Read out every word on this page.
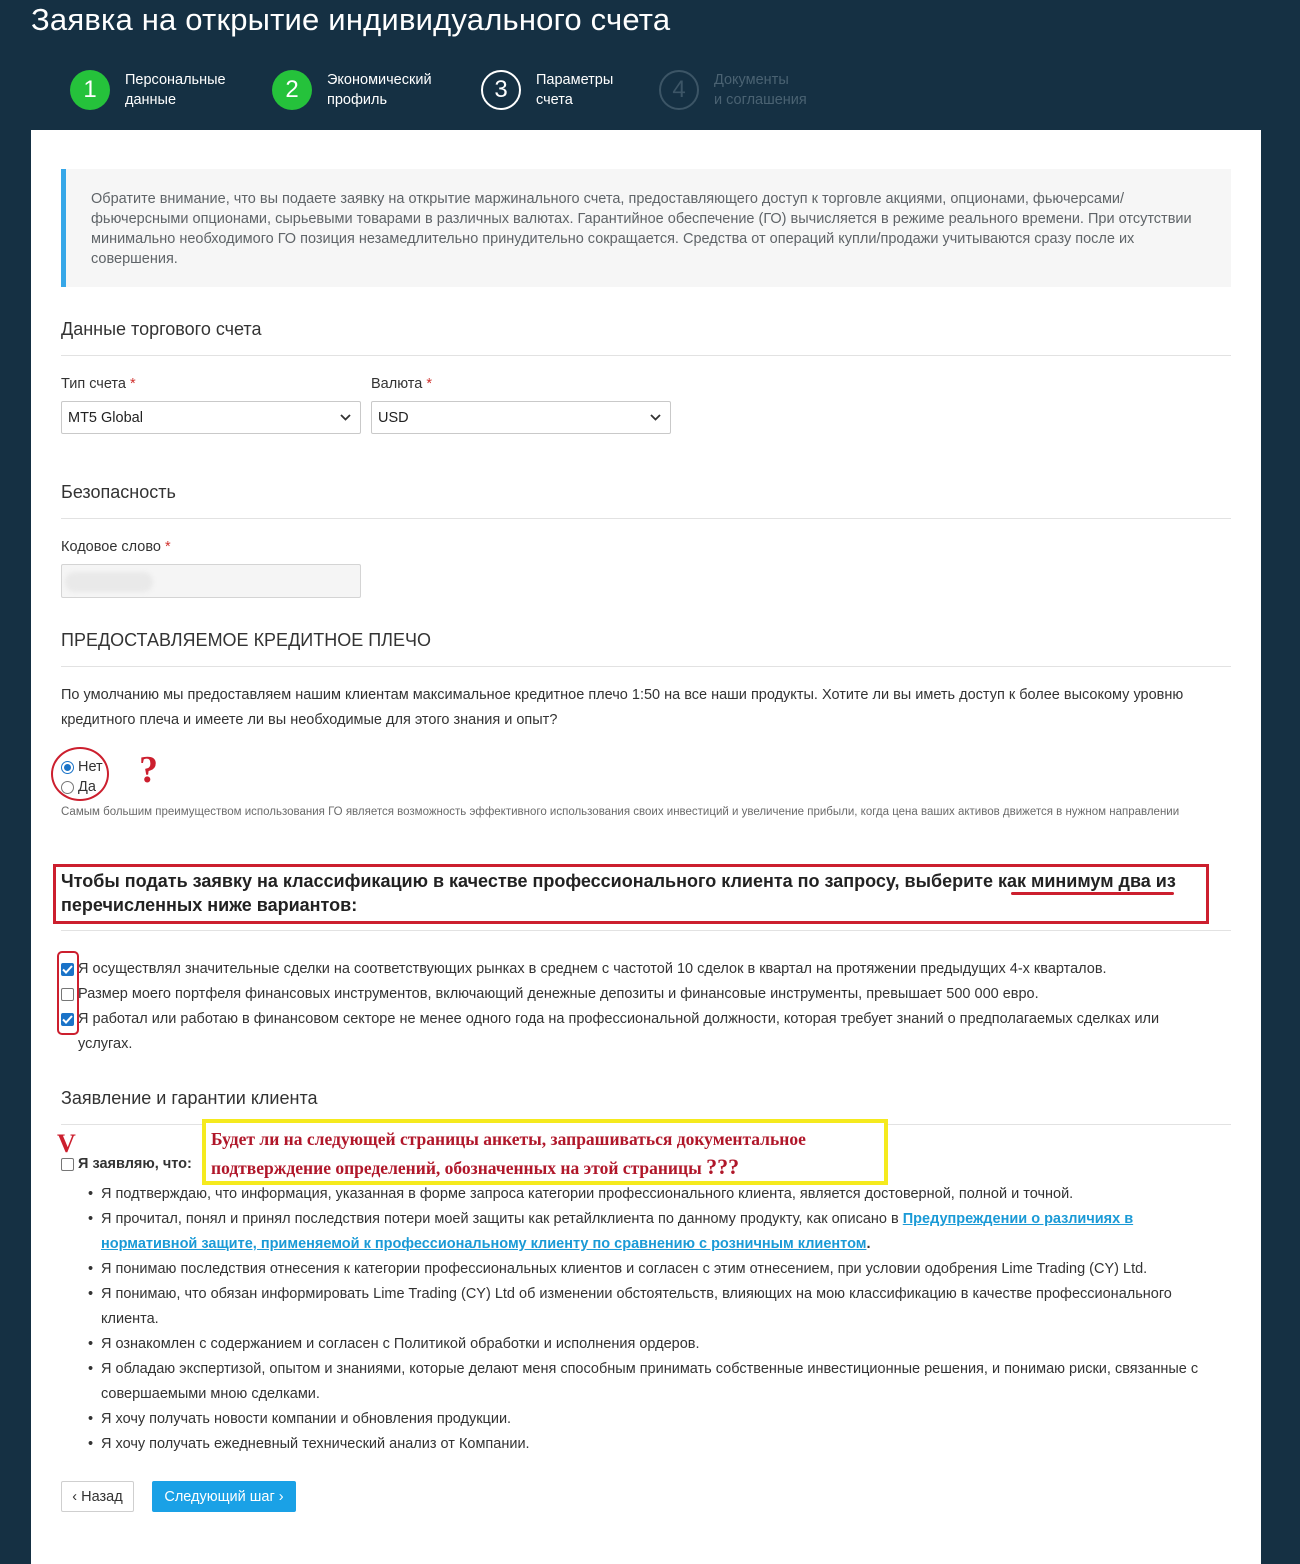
Заявка на открытие индивидуального счета
1	Персональные
данные	2	Экономический
профиль	3	Параметры
счета	4	Документы
и соглашения
Обратите внимание, что вы подаете заявку на открытие маржинального счета, предоставляющего доступ к торговле акциями, опционами, фьючерсами/фьючерсными опционами, сырьевыми товарами в различных валютах. Гарантийное обеспечение (ГО) вычисляется в режиме реального времени. При отсутствии минимально необходимого ГО позиция незамедлительно принудительно сокращается. Средства от операций купли/продажи учитываются сразу после их совершения.
Данные торгового счета
Тип счета *
MT5 Global
Валюта *
USD
Безопасность
Кодовое слово *
ПРЕДОСТАВЛЯЕМОЕ КРЕДИТНОЕ ПЛЕЧО
По умолчанию мы предоставляем нашим клиентам максимальное кредитное плечо 1:50 на все наши продукты. Хотите ли вы иметь доступ к более высокому уровню кредитного плеча и имеете ли вы необходимые для этого знания и опыт?
Нет
Да
Самым большим преимуществом использования ГО является возможность эффективного использования своих инвестиций и увеличение прибыли, когда цена ваших активов движется в нужном направлении
Чтобы подать заявку на классификацию в качестве профессионального клиента по запросу, выберите как минимум два из перечисленных ниже вариантов:
Я осуществлял значительные сделки на соответствующих рынках в среднем с частотой 10 сделок в квартал на протяжении предыдущих 4-х кварталов.
Размер моего портфеля финансовых инструментов, включающий денежные депозиты и финансовые инструменты, превышает 500 000 евро.
Я работал или работаю в финансовом секторе не менее одного года на профессиональной должности, которая требует знаний о предполагаемых сделках или услугах.
Заявление и гарантии клиента
Я заявляю, что:
• Я подтверждаю, что информация, указанная в форме запроса категории профессионального клиента, является достоверной, полной и точной.
• Я прочитал, понял и принял последствия потери моей защиты как ретайлклиента по данному продукту, как описано в Предупреждении о различиях в нормативной защите, применяемой к профессиональному клиенту по сравнению с розничным клиентом.
• Я понимаю последствия отнесения к категории профессиональных клиентов и согласен с этим отнесением, при условии одобрения Lime Trading (CY) Ltd.
• Я понимаю, что обязан информировать Lime Trading (CY) Ltd об изменении обстоятельств, влияющих на мою классификацию в качестве профессионального клиента.
• Я ознакомлен с содержанием и согласен с Политикой обработки и исполнения ордеров.
• Я обладаю экспертизой, опытом и знаниями, которые делают меня способным принимать собственные инвестиционные решения, и понимаю риски, связанные с совершаемыми мною сделками.
• Я хочу получать новости компании и обновления продукции.
• Я хочу получать ежедневный технический анализ от Компании.
‹ Назад	Следующий шаг ›
?
V	Будет ли на следующей страницы анкеты, запрашиваться документальное подтверждение определений, обозначенных на этой страницы ???
